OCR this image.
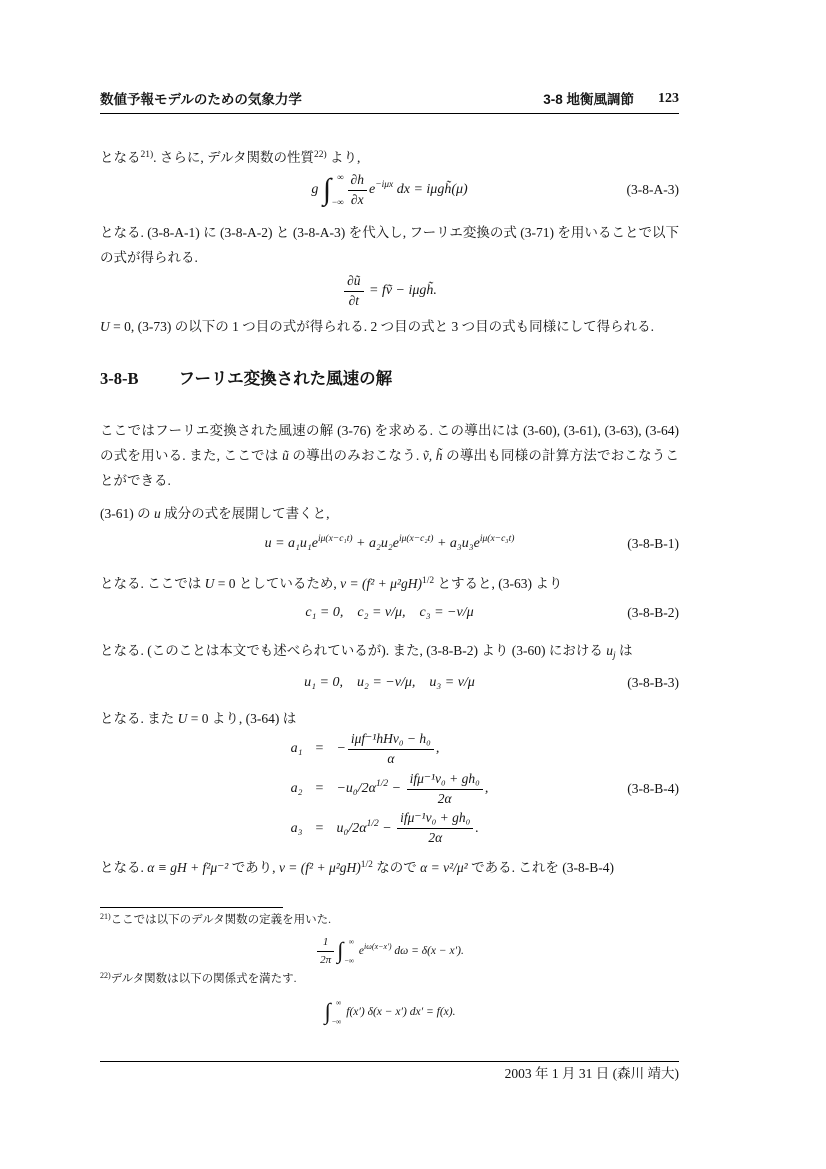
数値予報モデルのための気象力学	3-8 地衡風調節 123

となる$^{21)}$. さらに, デルタ関数の性質$^{22)}$ より,

g ∫ ∞
−∞ $\frac{\partial h}{\partial x} e^{-i\mu x}$ dx = iμgh̃(μ)	(3-8-A-3)

となる. (3-8-A-1) に (3-8-A-2) と (3-8-A-3) を代入し, フーリエ変換の式 (3-71) を用いることで以下の式が得られる.

$\frac{\partial ũ}{\partial t}$ = fṽ − iμgh̃.

U = 0, (3-73) の以下の 1 つ目の式が得られる. 2 つ目の式と 3 つ目の式も同様にして得られる.

3-8-B フーリエ変換された風速の解

ここではフーリエ変換された風速の解 (3-76) を求める. この導出には (3-60), (3-61), (3-63), (3-64) の式を用いる. また, ここでは ũ の導出のみおこなう. ṽ, h̃ の導出も同様の計算方法でおこなうことができる.

(3-61) の u 成分の式を展開して書くと,

$u = a_1u_1e^{i\mu(x-c_1t)} + a_2u_2e^{i\mu(x-c_2t)} + a_3u_3e^{i\mu(x-c_3t)}$	(3-8-B-1)

となる. ここでは U = 0 としているため, $\nu = (f^2 + \mu^2gH)^{1/2}$ とすると, (3-63) より

c₁ = 0, c₂ = ν/μ, c₃ = −ν/μ	(3-8-B-2)

となる. (このことは本文でも述べられているが). また, (3-8-B-2) より (3-60) における $u_j$ は

u₁ = 0, u₂ = −ν/μ, u₃ = ν/μ	(3-8-B-3)

となる. また U = 0 より, (3-64) は

a₁ = − $\frac{\text{iμf⁻¹hHv₀ − h₀}}{\alpha}$ ,
$a_2 = -u_0/2\alpha^{1/2} - \frac{\text{ifμ⁻¹v₀ + gh₀}}{2\alpha}$ ,
$a_3 = u_0/2\alpha^{1/2} - \frac{\text{ifμ⁻¹v₀ + gh₀}}{2\alpha}$ .
(3-8-B-4)

となる. α ≡ gH + f²μ⁻² であり, $\nu = (f^2 + \mu^2gH)^{1/2}$ なので α = ν²/μ² である. これを (3-8-B-4)

$^{21)}$ここでは以下のデルタ関数の定義を用いた.
$\frac{1}{2\pi}$ ∫ ∞
−∞
$e^{i\omega(x-x')}$ dω = δ(x − x′).
$^{22)}$デルタ関数は以下の関係式を満たす.
∫ ∞
−∞
f(x′) δ(x − x′) dx′ = f(x).
2003 年 1 月 31 日 (森川 靖大)
